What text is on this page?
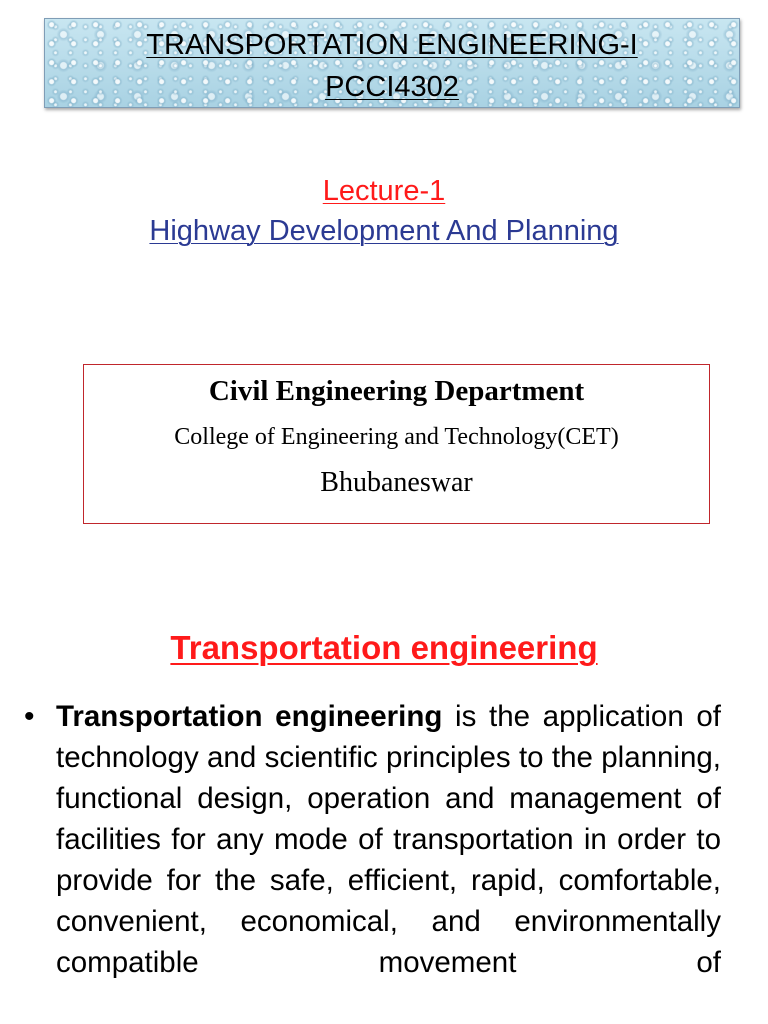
TRANSPORTATION ENGINEERING-I
PCCI4302
Lecture-1
Highway Development And Planning
Civil Engineering Department
College of Engineering and Technology(CET)
Bhubaneswar
Transportation engineering
• Transportation engineering is the application of technology and scientific principles to the planning, functional design, operation and management of facilities for any mode of transportation in order to provide for the safe, efficient, rapid, comfortable, convenient, economical, and environmentally compatible movement of
